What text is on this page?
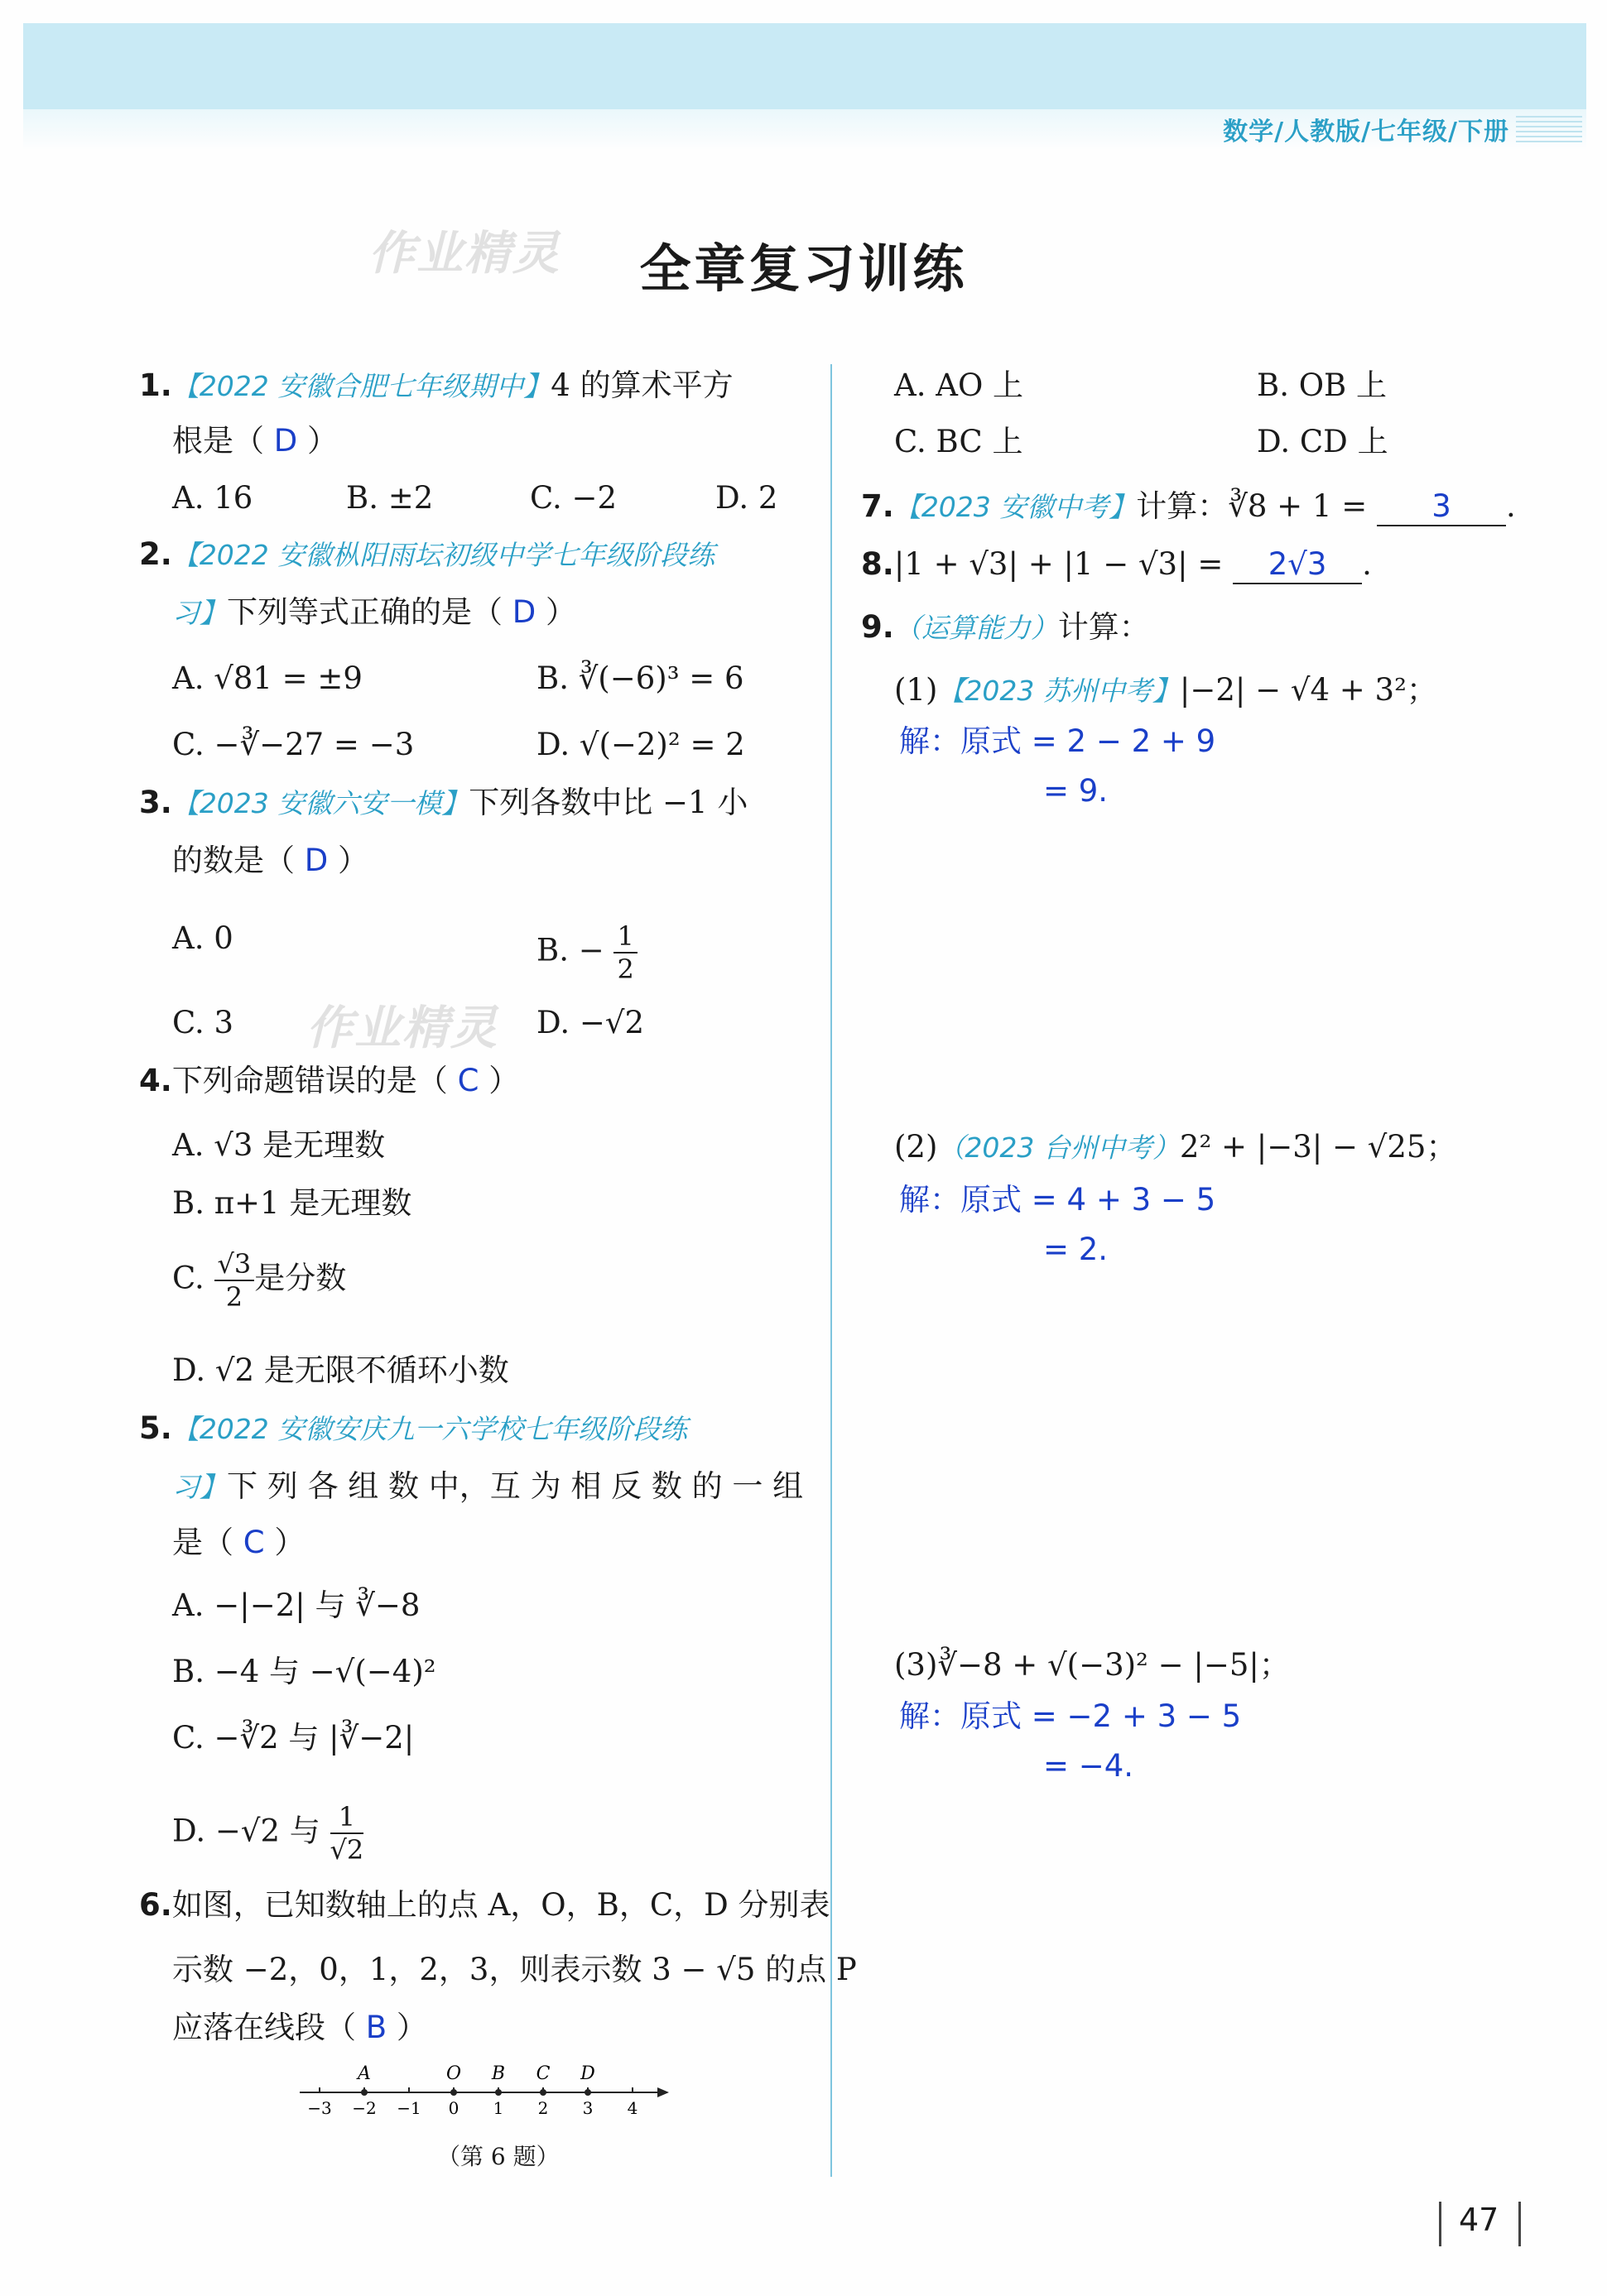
数学/人教版/七年级/下册
作业精灵
作业精灵
全章复习训练
1.【2022 安徽合肥七年级期中】4 的算术平方
根是（ D ）
A. 16	B. ±2	C. −2	D. 2
2.【2022 安徽枞阳雨坛初级中学七年级阶段练
习】下列等式正确的是（ D ）
A. √81 = ±9	B. ∛(−6)³ = 6
C. −∛−27 = −3	D. √(−2)² = 2
3.【2023 安徽六安一模】下列各数中比 −1 小
的数是（ D ）
A. 0	B. − $\frac{1}{2}$
C. 3	D. −√2
4.下列命题错误的是（ C ）
A. √3 是无理数
B. π+1 是无理数
C. $\frac{√3}{2}$ 是分数
D. √2 是无限不循环小数
5.【2022 安徽安庆九一六学校七年级阶段练
习】下 列 各 组 数 中，互 为 相 反 数 的 一 组
是（ C ）
A. −|−2| 与 ∛−8
B. −4 与 −√(−4)²
C. −∛2 与 |∛−2|
D. −√2 与 $\frac{1}{√2}$
6.如图，已知数轴上的点 A，O，B，C，D 分别表
示数 −2，0，1，2，3，则表示数 3 − √5 的点 P
应落在线段（ B ）
−3 −2 −1 0 1 2 3 4
A	O B C D
（第 6 题）
A. AO 上	B. OB 上
C. BC 上	D. CD 上
7.【2023 安徽中考】计算：∛8 + 1 = 3 .
8.|1 + √3| + |1 − √3| = 2√3 .
9.（运算能力）计算：
(1)【2023 苏州中考】|−2| − √4 + 3²；
解：原式 = 2 − 2 + 9
= 9.
(2)（2023 台州中考）2² + |−3| − √25；
解：原式 = 4 + 3 − 5
= 2.
(3)∛−8 + √(−3)² − |−5|；
解：原式 = −2 + 3 − 5
= −4.
47
